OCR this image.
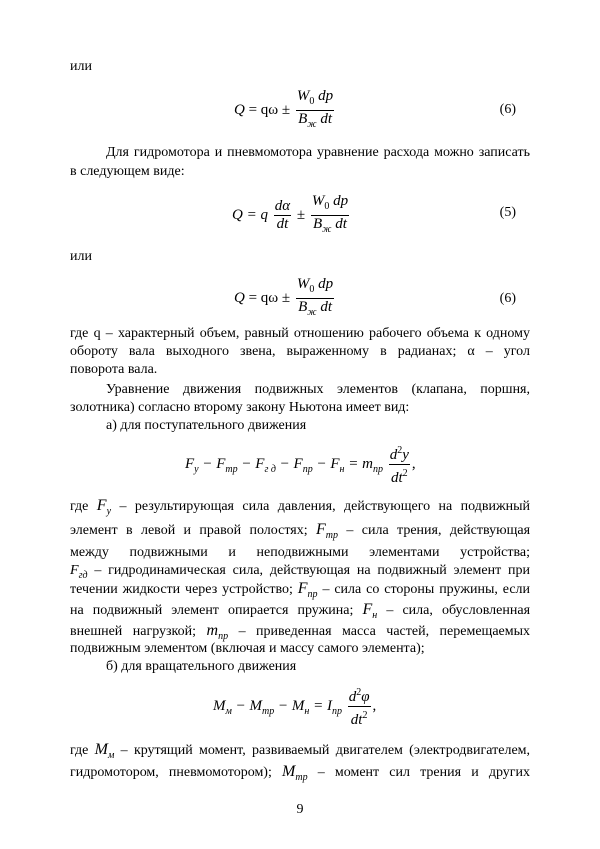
или
$Q = q\omega \pm \frac{W_0 dp}{B_ж dt}$	(6)
Для гидромотора и пневмомотора уравнение расхода можно записать
в следующем виде:
Q = q $\frac{d\alpha}{dt} \pm \frac{W_0 dp}{B_ж dt}$	(5)
или
$Q = q\omega \pm \frac{W_0 dp}{B_ж dt}$	(6)
где q – характерный объем, равный отношению рабочего объема к одному
обороту вала выходного звена, выраженному в радианах; α – угол
поворота вала.
Уравнение движения подвижных элементов (клапана, поршня,
золотника) согласно второму закону Ньютона имеет вид:
а) для поступательного движения
$F_y - F_{тр} - F_{г д} - F_{пр} - F_н = m_{пр} \frac{d^2y}{dt^2}$ ,
где $F_у$ – результирующая сила давления, действующего на подвижный
элемент в левой и правой полостях; $F_{тр}$ – сила трения, действующая
между подвижными и неподвижными элементами устройства;
$F_{гд}$ – гидродинамическая сила, действующая на подвижный элемент при
течении жидкости через устройство; $F_{пр}$ – сила со стороны пружины, если
на подвижный элемент опирается пружина; $F_н$ – сила, обусловленная
внешней нагрузкой; $m_{пр}$ – приведенная масса частей, перемещаемых
подвижным элементом (включая и массу самого элемента);
б) для вращательного движения
$M_м - M_{тр} - M_н = I_{пр} \frac{d^2\varphi}{dt^2}$ ,
где $M_м$ – крутящий момент, развиваемый двигателем (электродвигателем,
гидромотором, пневмомотором); $M_{тр}$ – момент сил трения и других
9
